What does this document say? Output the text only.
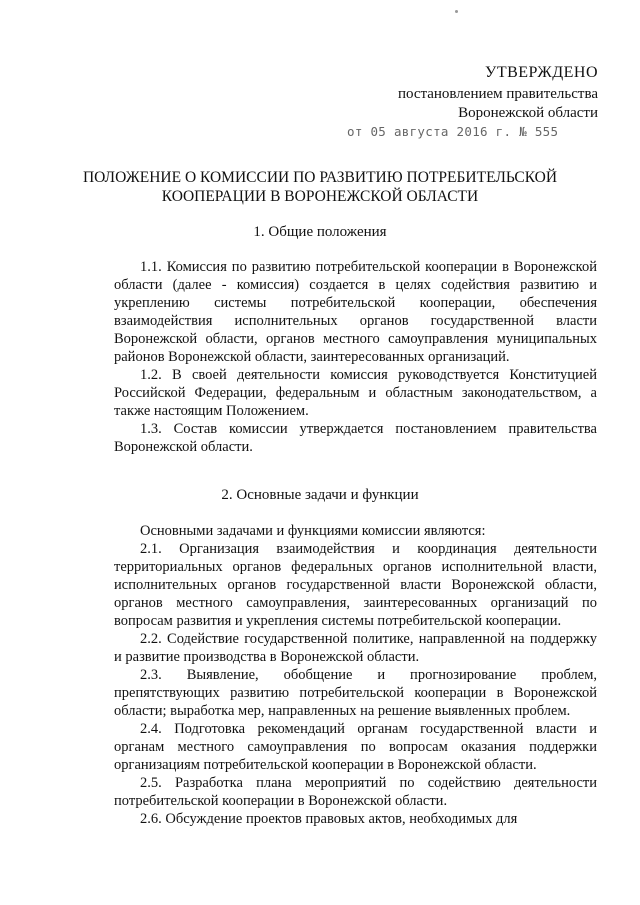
УТВЕРЖДЕНО
постановлением правительства
Воронежской области
от 05 августа 2016 г. № 555
ПОЛОЖЕНИЕ О КОМИССИИ ПО РАЗВИТИЮ ПОТРЕБИТЕЛЬСКОЙ КООПЕРАЦИИ В ВОРОНЕЖСКОЙ ОБЛАСТИ
1. Общие положения

1.1. Комиссия по развитию потребительской кооперации в Воронежской области (далее - комиссия) создается в целях содействия развитию и укреплению системы потребительской кооперации, обеспечения взаимодействия исполнительных органов государственной власти Воронежской области, органов местного самоуправления муниципальных районов Воронежской области, заинтересованных организаций.

1.2. В своей деятельности комиссия руководствуется Конституцией Российской Федерации, федеральным и областным законодательством, а также настоящим Положением.

1.3. Состав комиссии утверждается постановлением правительства Воронежской области.

2. Основные задачи и функции

Основными задачами и функциями комиссии являются:

2.1. Организация взаимодействия и координация деятельности территориальных органов федеральных органов исполнительной власти, исполнительных органов государственной власти Воронежской области, органов местного самоуправления, заинтересованных организаций по вопросам развития и укрепления системы потребительской кооперации.

2.2. Содействие государственной политике, направленной на поддержку и развитие производства в Воронежской области.

2.3. Выявление, обобщение и прогнозирование проблем, препятствующих развитию потребительской кооперации в Воронежской области; выработка мер, направленных на решение выявленных проблем.

2.4. Подготовка рекомендаций органам государственной власти и органам местного самоуправления по вопросам оказания поддержки организациям потребительской кооперации в Воронежской области.

2.5. Разработка плана мероприятий по содействию деятельности потребительской кооперации в Воронежской области.

2.6. Обсуждение проектов правовых актов, необходимых для
